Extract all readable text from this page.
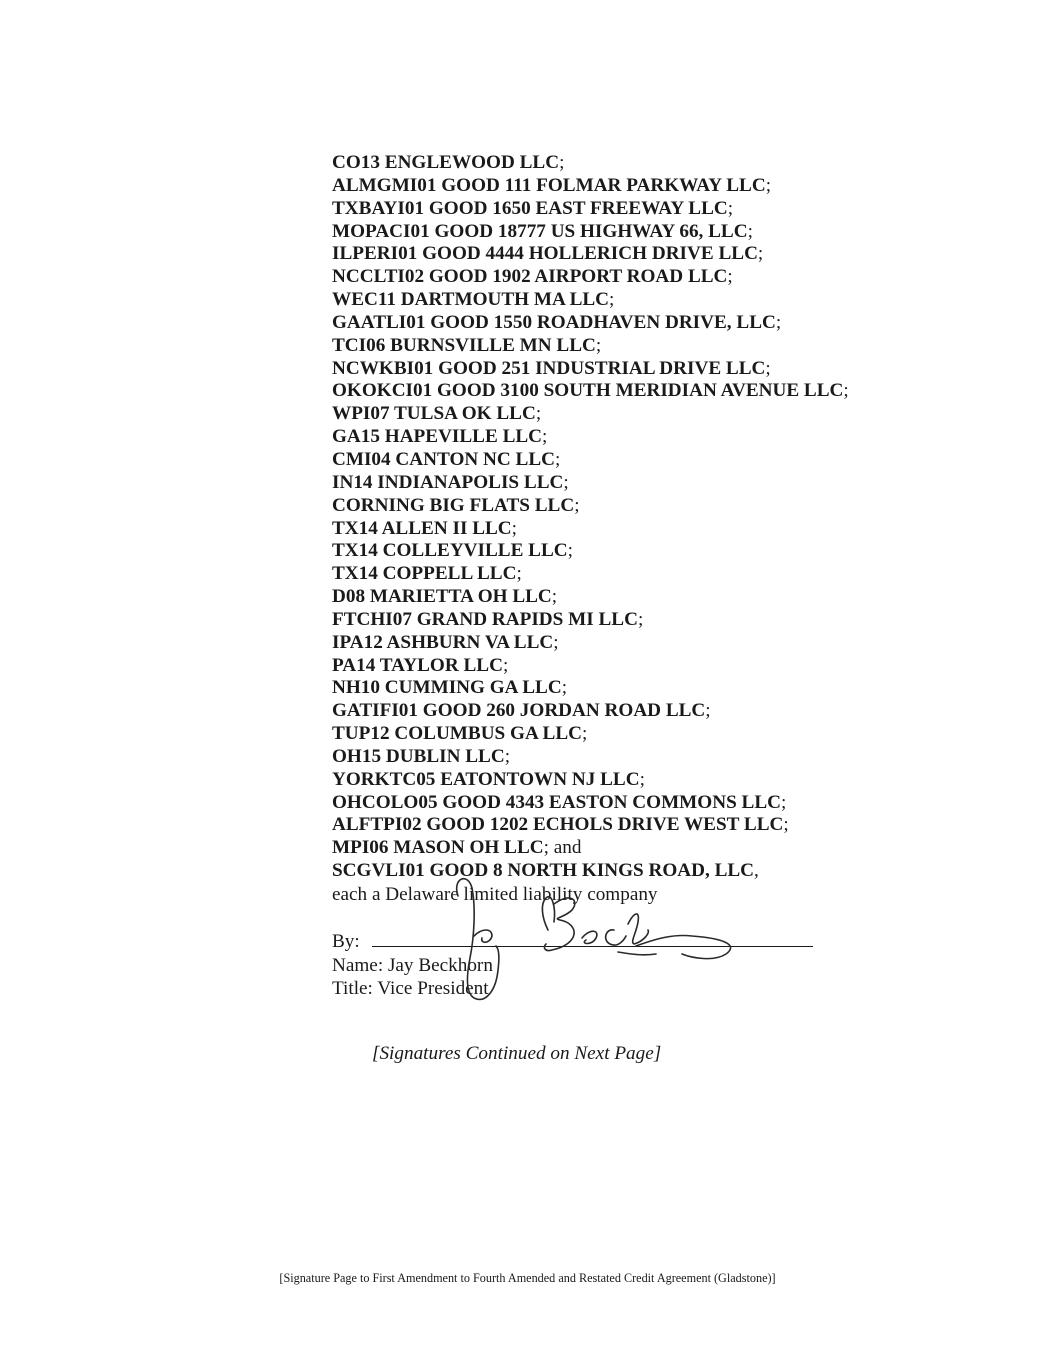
CO13 ENGLEWOOD LLC;
ALMGMI01 GOOD 111 FOLMAR PARKWAY LLC;
TXBAYI01 GOOD 1650 EAST FREEWAY LLC;
MOPACI01 GOOD 18777 US HIGHWAY 66, LLC;
ILPERI01 GOOD 4444 HOLLERICH DRIVE LLC;
NCCLTI02 GOOD 1902 AIRPORT ROAD LLC;
WEC11 DARTMOUTH MA LLC;
GAATLI01 GOOD 1550 ROADHAVEN DRIVE, LLC;
TCI06 BURNSVILLE MN LLC;
NCWKBI01 GOOD 251 INDUSTRIAL DRIVE LLC;
OKOKCI01 GOOD 3100 SOUTH MERIDIAN AVENUE LLC;
WPI07 TULSA OK LLC;
GA15 HAPEVILLE LLC;
CMI04 CANTON NC LLC;
IN14 INDIANAPOLIS LLC;
CORNING BIG FLATS LLC;
TX14 ALLEN II LLC;
TX14 COLLEYVILLE LLC;
TX14 COPPELL LLC;
D08 MARIETTA OH LLC;
FTCHI07 GRAND RAPIDS MI LLC;
IPA12 ASHBURN VA LLC;
PA14 TAYLOR LLC;
NH10 CUMMING GA LLC;
GATIFI01 GOOD 260 JORDAN ROAD LLC;
TUP12 COLUMBUS GA LLC;
OH15 DUBLIN LLC;
YORKTC05 EATONTOWN NJ LLC;
OHCOLO05 GOOD 4343 EASTON COMMONS LLC;
ALFTPI02 GOOD 1202 ECHOLS DRIVE WEST LLC;
MPI06 MASON OH LLC; and
SCGVLI01 GOOD 8 NORTH KINGS ROAD, LLC,
each a Delaware limited liability company
By:
Name: Jay Beckhorn
Title: Vice President
[Signatures Continued on Next Page]
[Signature Page to First Amendment to Fourth Amended and Restated Credit Agreement (Gladstone)]
